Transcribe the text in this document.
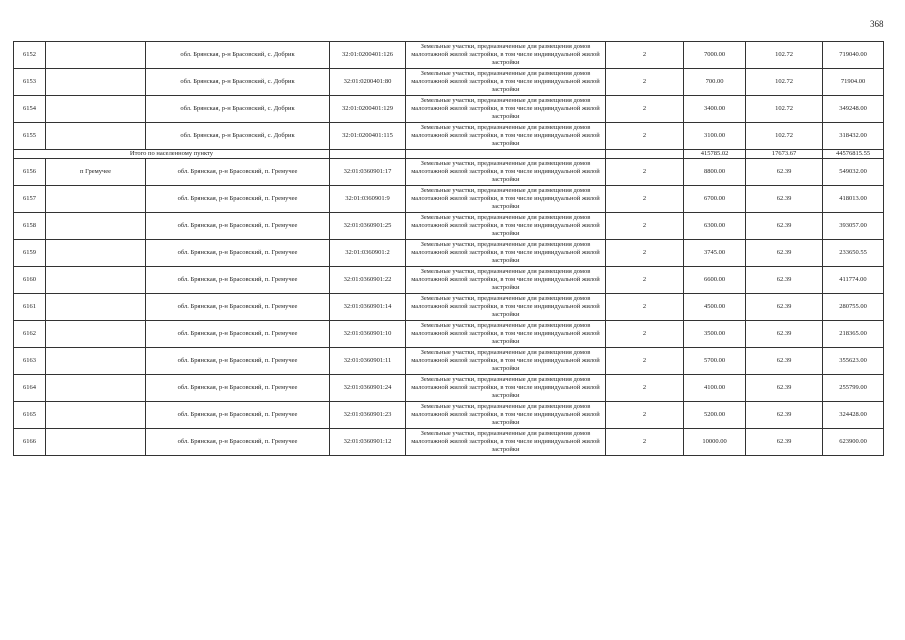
368
6152		обл. Брянская, р-н Брасовский, с. Добрик	32:01:0200401:126	Земельные участки, предназначенные для размещения домов малоэтажной жилой застройки, в том числе индивидуальной жилой застройки	2	7000.00	102.72	719040.00
6153		обл. Брянская, р-н Брасовский, с. Добрик	32:01:0200401:80	Земельные участки, предназначенные для размещения домов малоэтажной жилой застройки, в том числе индивидуальной жилой застройки	2	700.00	102.72	71904.00
6154		обл. Брянская, р-н Брасовский, с. Добрик	32:01:0200401:129	Земельные участки, предназначенные для размещения домов малоэтажной жилой застройки, в том числе индивидуальной жилой застройки	2	3400.00	102.72	349248.00
6155		обл. Брянская, р-н Брасовский, с. Добрик	32:01:0200401:115	Земельные участки, предназначенные для размещения домов малоэтажной жилой застройки, в том числе индивидуальной жилой застройки	2	3100.00	102.72	318432.00
Итого по населенному пункту						415785.02	17673.67	44576815.55
6156	п Гремучее	обл. Брянская, р-н Брасовский, п. Гремучее	32:01:0360901:17	Земельные участки, предназначенные для размещения домов малоэтажной жилой застройки, в том числе индивидуальной жилой застройки	2	8800.00	62.39	549032.00
6157		обл. Брянская, р-н Брасовский, п. Гремучее	32:01:0360901:9	Земельные участки, предназначенные для размещения домов малоэтажной жилой застройки, в том числе индивидуальной жилой застройки	2	6700.00	62.39	418013.00
6158		обл. Брянская, р-н Брасовский, п. Гремучее	32:01:0360901:25	Земельные участки, предназначенные для размещения домов малоэтажной жилой застройки, в том числе индивидуальной жилой застройки	2	6300.00	62.39	393057.00
6159		обл. Брянская, р-н Брасовский, п. Гремучее	32:01:0360901:2	Земельные участки, предназначенные для размещения домов малоэтажной жилой застройки, в том числе индивидуальной жилой застройки	2	3745.00	62.39	233650.55
6160		обл. Брянская, р-н Брасовский, п. Гремучее	32:01:0360901:22	Земельные участки, предназначенные для размещения домов малоэтажной жилой застройки, в том числе индивидуальной жилой застройки	2	6600.00	62.39	411774.00
6161		обл. Брянская, р-н Брасовский, п. Гремучее	32:01:0360901:14	Земельные участки, предназначенные для размещения домов малоэтажной жилой застройки, в том числе индивидуальной жилой застройки	2	4500.00	62.39	280755.00
6162		обл. Брянская, р-н Брасовский, п. Гремучее	32:01:0360901:10	Земельные участки, предназначенные для размещения домов малоэтажной жилой застройки, в том числе индивидуальной жилой застройки	2	3500.00	62.39	218365.00
6163		обл. Брянская, р-н Брасовский, п. Гремучее	32:01:0360901:11	Земельные участки, предназначенные для размещения домов малоэтажной жилой застройки, в том числе индивидуальной жилой застройки	2	5700.00	62.39	355623.00
6164		обл. Брянская, р-н Брасовский, п. Гремучее	32:01:0360901:24	Земельные участки, предназначенные для размещения домов малоэтажной жилой застройки, в том числе индивидуальной жилой застройки	2	4100.00	62.39	255799.00
6165		обл. Брянская, р-н Брасовский, п. Гремучее	32:01:0360901:23	Земельные участки, предназначенные для размещения домов малоэтажной жилой застройки, в том числе индивидуальной жилой застройки	2	5200.00	62.39	324428.00
6166		обл. Брянская, р-н Брасовский, п. Гремучее	32:01:0360901:12	Земельные участки, предназначенные для размещения домов малоэтажной жилой застройки, в том числе индивидуальной жилой застройки	2	10000.00	62.39	623900.00
